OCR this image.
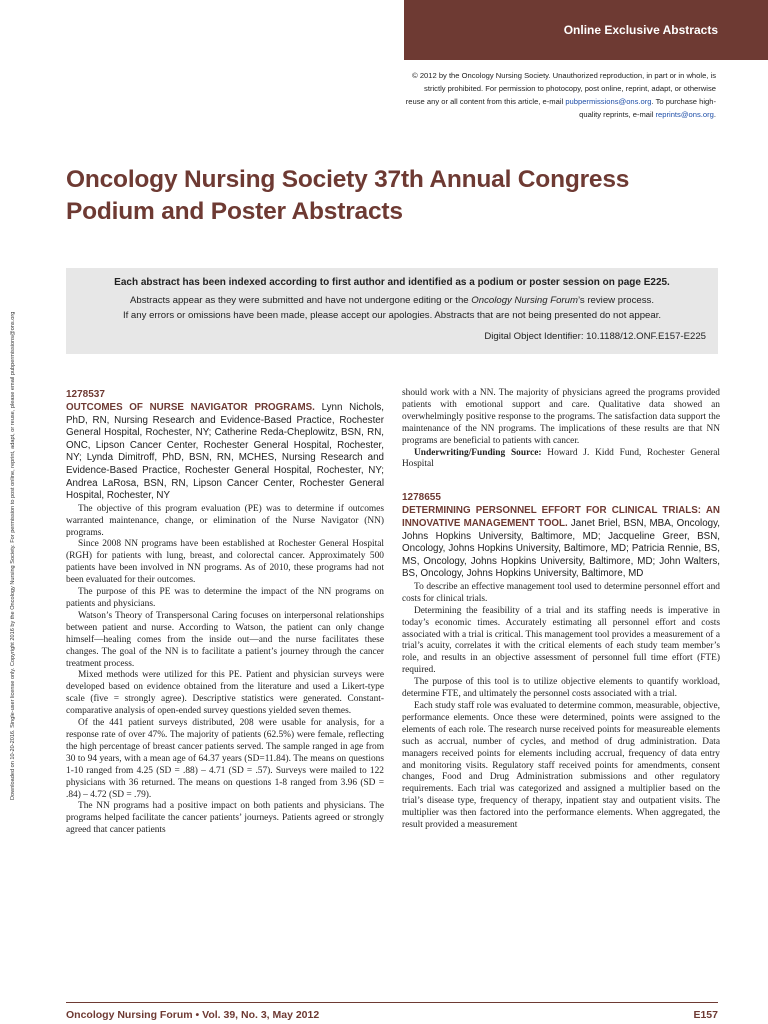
Downloaded on 10-20-2016. Single-user license only. Copyright 2016 by the Oncology Nursing Society. For permission to post online, reprint, adapt, or reuse, please email pubpermissions@ons.org
Online Exclusive Abstracts
© 2012 by the Oncology Nursing Society. Unauthorized reproduction, in part or in whole, is strictly prohibited. For permission to photocopy, post online, reprint, adapt, or otherwise reuse any or all content from this article, e-mail pubpermissions@ons.org. To purchase high-quality reprints, e-mail reprints@ons.org.
Oncology Nursing Society 37th Annual Congress
Podium and Poster Abstracts
Each abstract has been indexed according to first author and identified as a podium or poster session on page E225.
Abstracts appear as they were submitted and have not undergone editing or the Oncology Nursing Forum’s review process.
If any errors or omissions have been made, please accept our apologies. Abstracts that are not being presented do not appear.
Digital Object Identifier: 10.1188/12.ONF.E157-E225
1278537
OUTCOMES OF NURSE NAVIGATOR PROGRAMS. Lynn Nichols, PhD, RN, Nursing Research and Evidence-Based Practice, Rochester General Hospital, Rochester, NY; Catherine Reda-Cheplowitz, BSN, RN, ONC, Lipson Cancer Center, Rochester General Hospital, Rochester, NY; Lynda Dimitroff, PhD, BSN, RN, MCHES, Nursing Research and Evidence-Based Practice, Rochester General Hospital, Rochester, NY; Andrea LaRosa, BSN, RN, Lipson Cancer Center, Rochester General Hospital, Rochester, NY

The objective of this program evaluation (PE) was to determine if outcomes warranted maintenance, change, or elimination of the Nurse Navigator (NN) programs.

Since 2008 NN programs have been established at Rochester General Hospital (RGH) for patients with lung, breast, and colorectal cancer. Approximately 500 patients have been involved in NN programs. As of 2010, these programs had not been evaluated for their outcomes.

The purpose of this PE was to determine the impact of the NN programs on patients and physicians.

Watson’s Theory of Transpersonal Caring focuses on interpersonal relationships between patient and nurse. According to Watson, the patient can only change himself—healing comes from the inside out—and the nurse facilitates these changes. The goal of the NN is to facilitate a patient’s journey through the cancer treatment process.

Mixed methods were utilized for this PE. Patient and physician surveys were developed based on evidence obtained from the literature and used a Likert-type scale (five = strongly agree). Descriptive statistics were generated. Constant-comparative analysis of open-ended survey questions yielded seven themes.

Of the 441 patient surveys distributed, 208 were usable for analysis, for a response rate of over 47%. The majority of patients (62.5%) were female, reflecting the high percentage of breast cancer patients served. The sample ranged in age from 30 to 94 years, with a mean age of 64.37 years (SD=11.84). The means on questions 1-10 ranged from 4.25 (SD = .88) – 4.71 (SD = .57). Surveys were mailed to 122 physicians with 36 returned. The means on questions 1-8 ranged from 3.96 (SD = .84) – 4.72 (SD = .79).

The NN programs had a positive impact on both patients and physicians. The programs helped facilitate the cancer patients’ journeys. Patients agreed or strongly agreed that cancer patients

should work with a NN. The majority of physicians agreed the programs provided patients with emotional support and care. Qualitative data showed an overwhelmingly positive response to the programs. The satisfaction data support the maintenance of the NN programs. The implications of these results are that NN programs are beneficial to patients with cancer.

Underwriting/Funding Source: Howard J. Kidd Fund, Rochester General Hospital

1278655
DETERMINING PERSONNEL EFFORT FOR CLINICAL TRIALS: AN INNOVATIVE MANAGEMENT TOOL. Janet Briel, BSN, MBA, Oncology, Johns Hopkins University, Baltimore, MD; Jacqueline Greer, BSN, Oncology, Johns Hopkins University, Baltimore, MD; Patricia Rennie, BS, MS, Oncology, Johns Hopkins University, Baltimore, MD; John Walters, BS, Oncology, Johns Hopkins University, Baltimore, MD

To describe an effective management tool used to determine personnel effort and costs for clinical trials.

Determining the feasibility of a trial and its staffing needs is imperative in today’s economic times. Accurately estimating all personnel effort and costs associated with a trial is critical. This management tool provides a measurement of a trial’s acuity, correlates it with the critical elements of each study team member’s role, and results in an objective assessment of personnel full time effort (FTE) required.

The purpose of this tool is to utilize objective elements to quantify workload, determine FTE, and ultimately the personnel costs associated with a trial.

Each study staff role was evaluated to determine common, measurable, objective, performance elements. Once these were determined, points were assigned to the elements of each role. The research nurse received points for measureable elements such as accrual, number of cycles, and method of drug administration. Data managers received points for elements including accrual, frequency of data entry and monitoring visits. Regulatory staff received points for amendments, consent changes, Food and Drug Administration submissions and other regulatory requirements. Each trial was categorized and assigned a multiplier based on the trial’s disease type, frequency of therapy, inpatient stay and outpatient visits. The multiplier was then factored into the performance elements. When aggregated, the result provided a measurement

Oncology Nursing Forum • Vol. 39, No. 3, May 2012	E157
